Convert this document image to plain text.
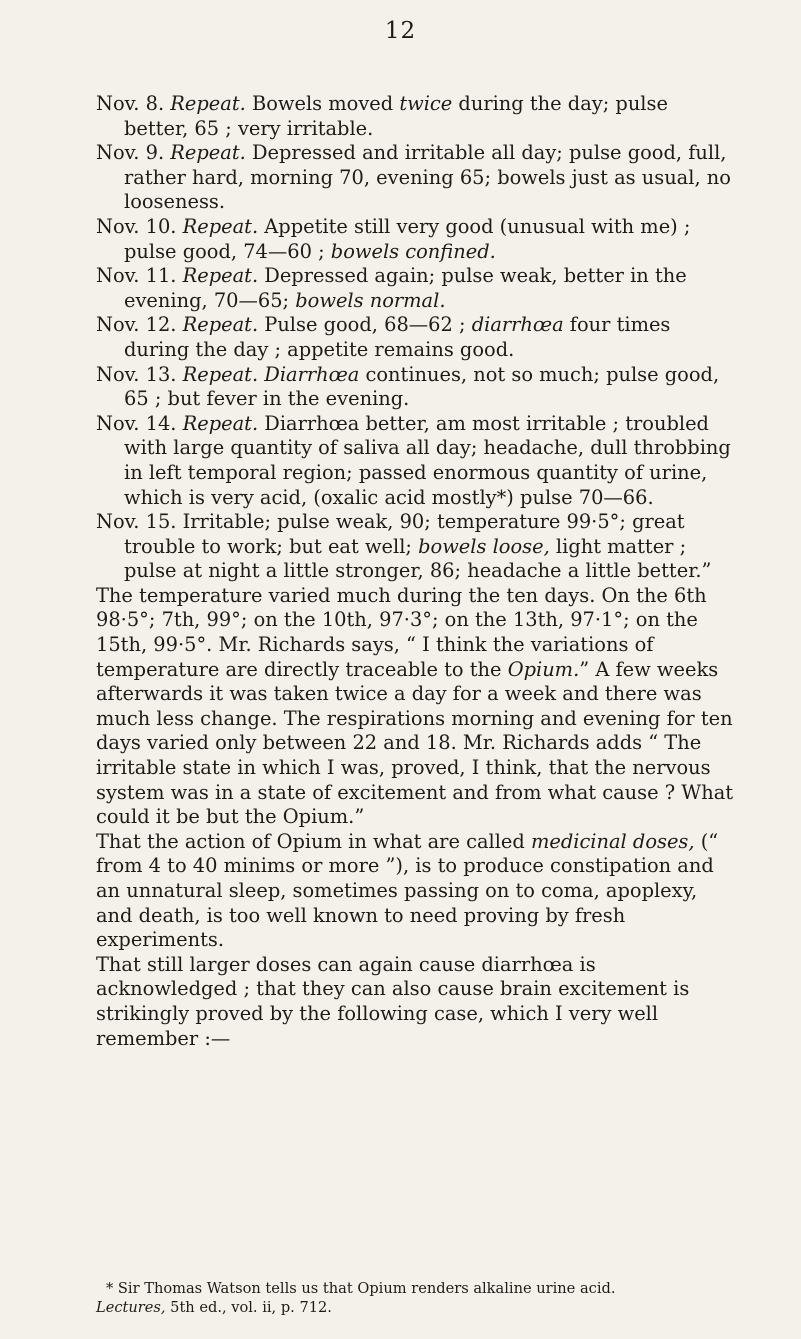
12

Nov. 8. Repeat. Bowels moved twice during the day; pulse better, 65 ; very irritable.

Nov. 9. Repeat. Depressed and irritable all day; pulse good, full, rather hard, morning 70, evening 65; bowels just as usual, no looseness.

Nov. 10. Repeat. Appetite still very good (unusual with me) ; pulse good, 74—60 ; bowels confined.

Nov. 11. Repeat. Depressed again; pulse weak, better in the evening, 70—65; bowels normal.

Nov. 12. Repeat. Pulse good, 68—62 ; diarrhœa four times during the day ; appetite remains good.

Nov. 13. Repeat. Diarrhœa continues, not so much; pulse good, 65 ; but fever in the evening.

Nov. 14. Repeat. Diarrhœa better, am most irritable ; troubled with large quantity of saliva all day; headache, dull throbbing in left temporal region; passed enormous quantity of urine, which is very acid, (oxalic acid mostly*) pulse 70—66.

Nov. 15. Irritable; pulse weak, 90; temperature 99·5°; great trouble to work; but eat well; bowels loose, light matter ; pulse at night a little stronger, 86; headache a little better.”

The temperature varied much during the ten days. On the 6th 98·5°; 7th, 99°; on the 10th, 97·3°; on the 13th, 97·1°; on the 15th, 99·5°. Mr. Richards says, “ I think the variations of temperature are directly traceable to the Opium.” A few weeks afterwards it was taken twice a day for a week and there was much less change. The respirations morning and evening for ten days varied only between 22 and 18. Mr. Richards adds “ The irritable state in which I was, proved, I think, that the nervous system was in a state of excitement and from what cause ? What could it be but the Opium.”

That the action of Opium in what are called medicinal doses, (“ from 4 to 40 minims or more ”), is to produce constipation and an unnatural sleep, sometimes passing on to coma, apoplexy, and death, is too well known to need proving by fresh experiments.

That still larger doses can again cause diarrhœa is acknowledged ; that they can also cause brain excitement is strikingly proved by the following case, which I very well remember :—

* Sir Thomas Watson tells us that Opium renders alkaline urine acid.

Lectures, 5th ed., vol. ii, p. 712.
